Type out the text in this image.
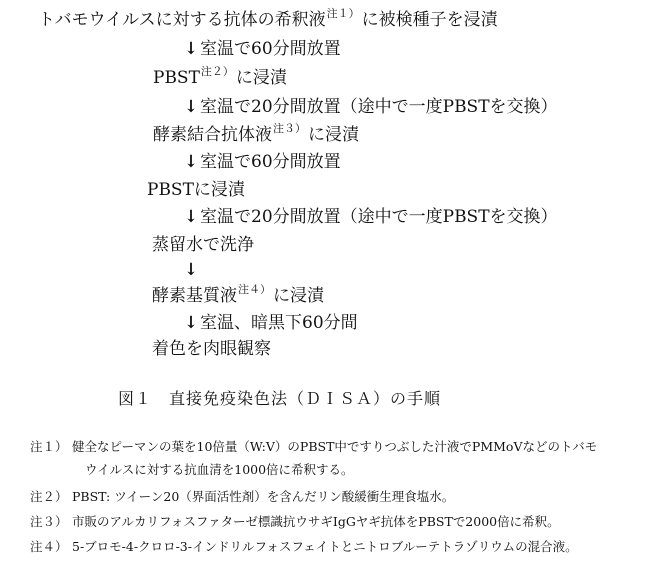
トバモウイルスに対する抗体の希釈液$^{注1)}$ に被検種子を浸漬
↓ 室温で60分間放置
$PBST^{注2)}$ に浸漬
↓ 室温で20分間放置（途中で一度PBSTを交換）
酵素結合抗体液$^{注3)}$ に浸漬
↓ 室温で60分間放置
PBSTに浸漬
↓ 室温で20分間放置（途中で一度PBSTを交換）
蒸留水で洗浄
↓
酵素基質液$^{注4)}$ に浸漬
↓ 室温、暗黒下60分間
着色を肉眼観察
図１　直接免疫染色法（ＤＩＳＡ）の手順
注１） 健全なピーマンの葉を10倍量（W:V）のPBST中ですりつぶした汁液でPMMoVなどのトバモ
ウイルスに対する抗血清を1000倍に希釈する。
注２） PBST: ツイーン20（界面活性剤）を含んだリン酸緩衝生理食塩水。
注３） 市販のアルカリフォスファターゼ標識抗ウサギIgGヤギ抗体をPBSTで2000倍に希釈。
注４） 5-ブロモ-4-クロロ-3-インドリルフォスフェイトとニトロブルーテトラゾリウムの混合液。
